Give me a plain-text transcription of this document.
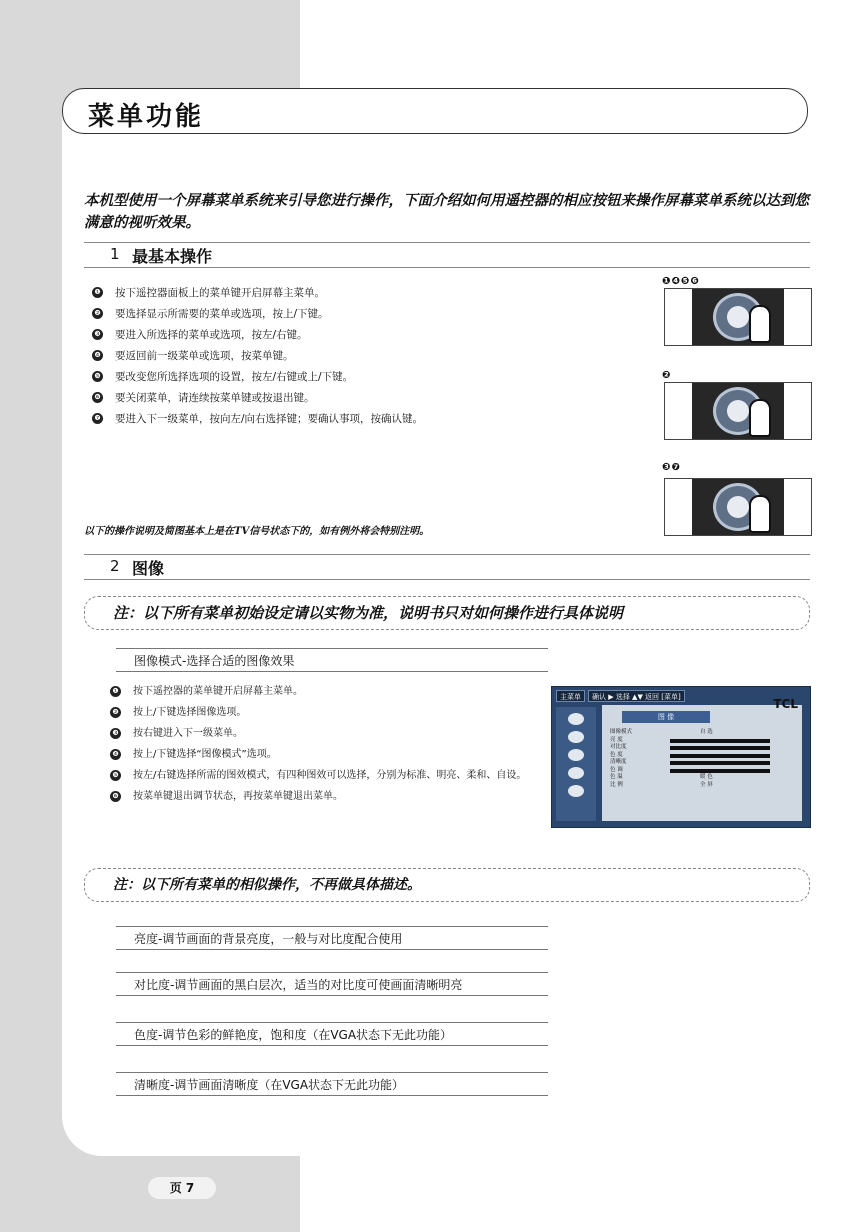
菜单功能
本机型使用一个屏幕菜单系统来引导您进行操作，下面介绍如何用遥控器的相应按钮来操作屏幕菜单系统以达到您满意的视听效果。
1 最基本操作
❶ 按下遥控器面板上的菜单键开启屏幕主菜单。
❷ 要选择显示所需要的菜单或选项，按上/下键。
❸ 要进入所选择的菜单或选项，按左/右键。
❹ 要返回前一级菜单或选项，按菜单键。
❺ 要改变您所选择选项的设置，按左/右键或上/下键。
❻ 要关闭菜单，请连续按菜单键或按退出键。
❼ 要进入下一级菜单，按向左/向右选择键；要确认事项，按确认键。
❶❹❺❻
❷
❸❼
以下的操作说明及简图基本上是在TV信号状态下的，如有例外将会特别注明。
2 图像
注：以下所有菜单初始设定请以实物为准，说明书只对如何操作进行具体说明
图像模式-选择合适的图像效果
❶ 按下遥控器的菜单键开启屏幕主菜单。
❷ 按上/下键选择图像选项。
❸ 按右键进入下一级菜单。
❹ 按上/下键选择“图像模式”选项。
❺ 按左/右键选择所需的图效模式，有四种图效可以选择，分别为标准、明亮、柔和、自设。
❻ 按菜单键退出调节状态，再按菜单键退出菜单。
主菜单	确认 ▶ 选择 ▲▼ 返回 [菜单]
图 像
图像模式	自 选
亮 度
对比度
色 度
清晰度
色 调
色 温	暖 色
比 例	全 屏
TCL
注：以下所有菜单的相似操作，不再做具体描述。
亮度-调节画面的背景亮度，一般与对比度配合使用
对比度-调节画面的黑白层次，适当的对比度可使画面清晰明亮
色度-调节色彩的鲜艳度，饱和度（在VGA状态下无此功能）
清晰度-调节画面清晰度（在VGA状态下无此功能）
页 7
